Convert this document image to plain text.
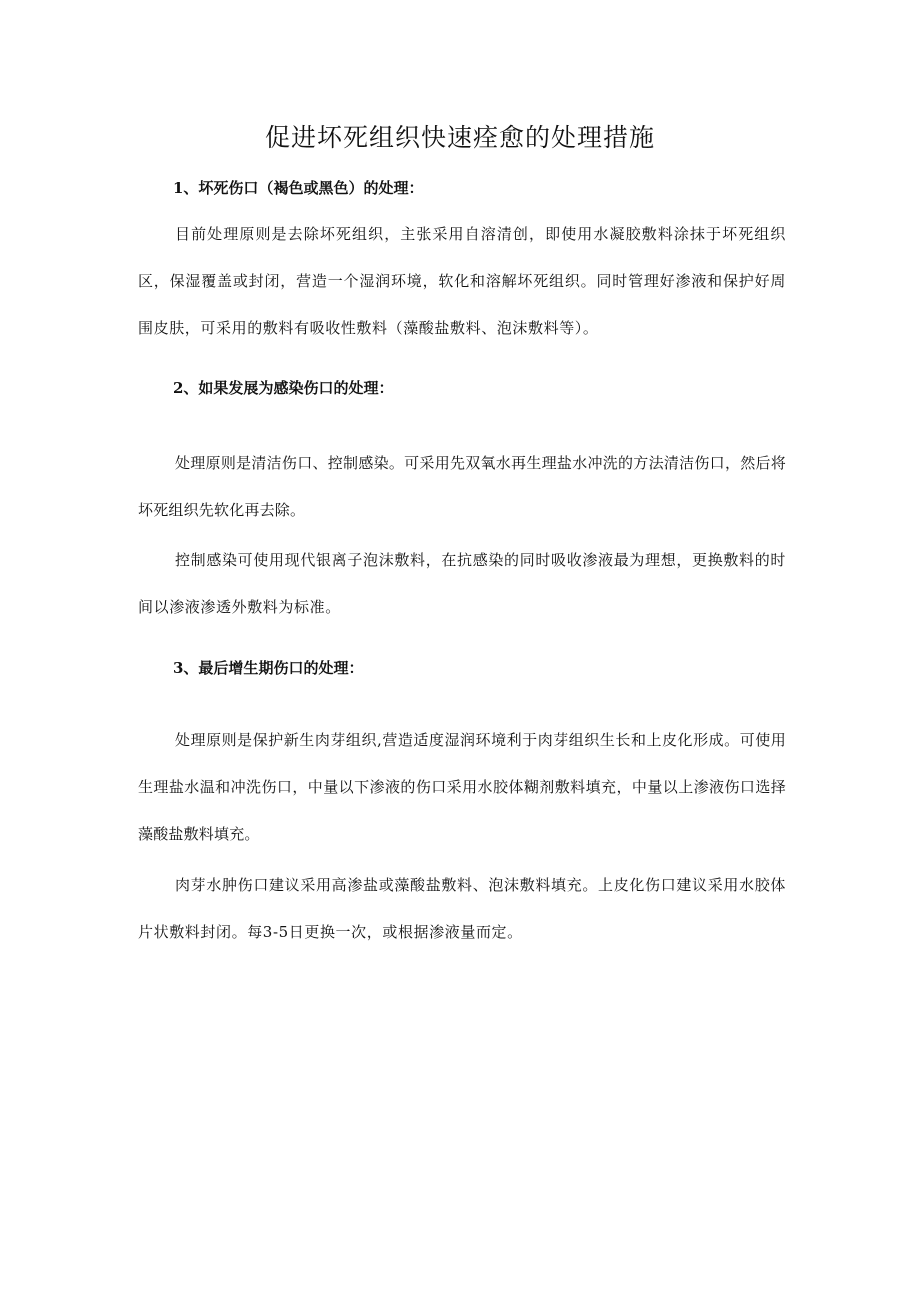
促进坏死组织快速痊愈的处理措施
1、坏死伤口（褐色或黑色）的处理：

目前处理原则是去除坏死组织，主张采用自溶清创，即使用水凝胶敷料涂抹于坏死组织区，保湿覆盖或封闭，营造一个湿润环境，软化和溶解坏死组织。同时管理好渗液和保护好周围皮肤，可采用的敷料有吸收性敷料（藻酸盐敷料、泡沫敷料等）。

2、如果发展为感染伤口的处理：

处理原则是清洁伤口、控制感染。可采用先双氧水再生理盐水冲洗的方法清洁伤口，然后将坏死组织先软化再去除。

控制感染可使用现代银离子泡沫敷料，在抗感染的同时吸收渗液最为理想，更换敷料的时间以渗液渗透外敷料为标准。

3、最后增生期伤口的处理：

处理原则是保护新生肉芽组织,营造适度湿润环境利于肉芽组织生长和上皮化形成。可使用生理盐水温和冲洗伤口，中量以下渗液的伤口采用水胶体糊剂敷料填充，中量以上渗液伤口选择藻酸盐敷料填充。

肉芽水肿伤口建议采用高渗盐或藻酸盐敷料、泡沫敷料填充。上皮化伤口建议采用水胶体片状敷料封闭。每3-5日更换一次，或根据渗液量而定。
